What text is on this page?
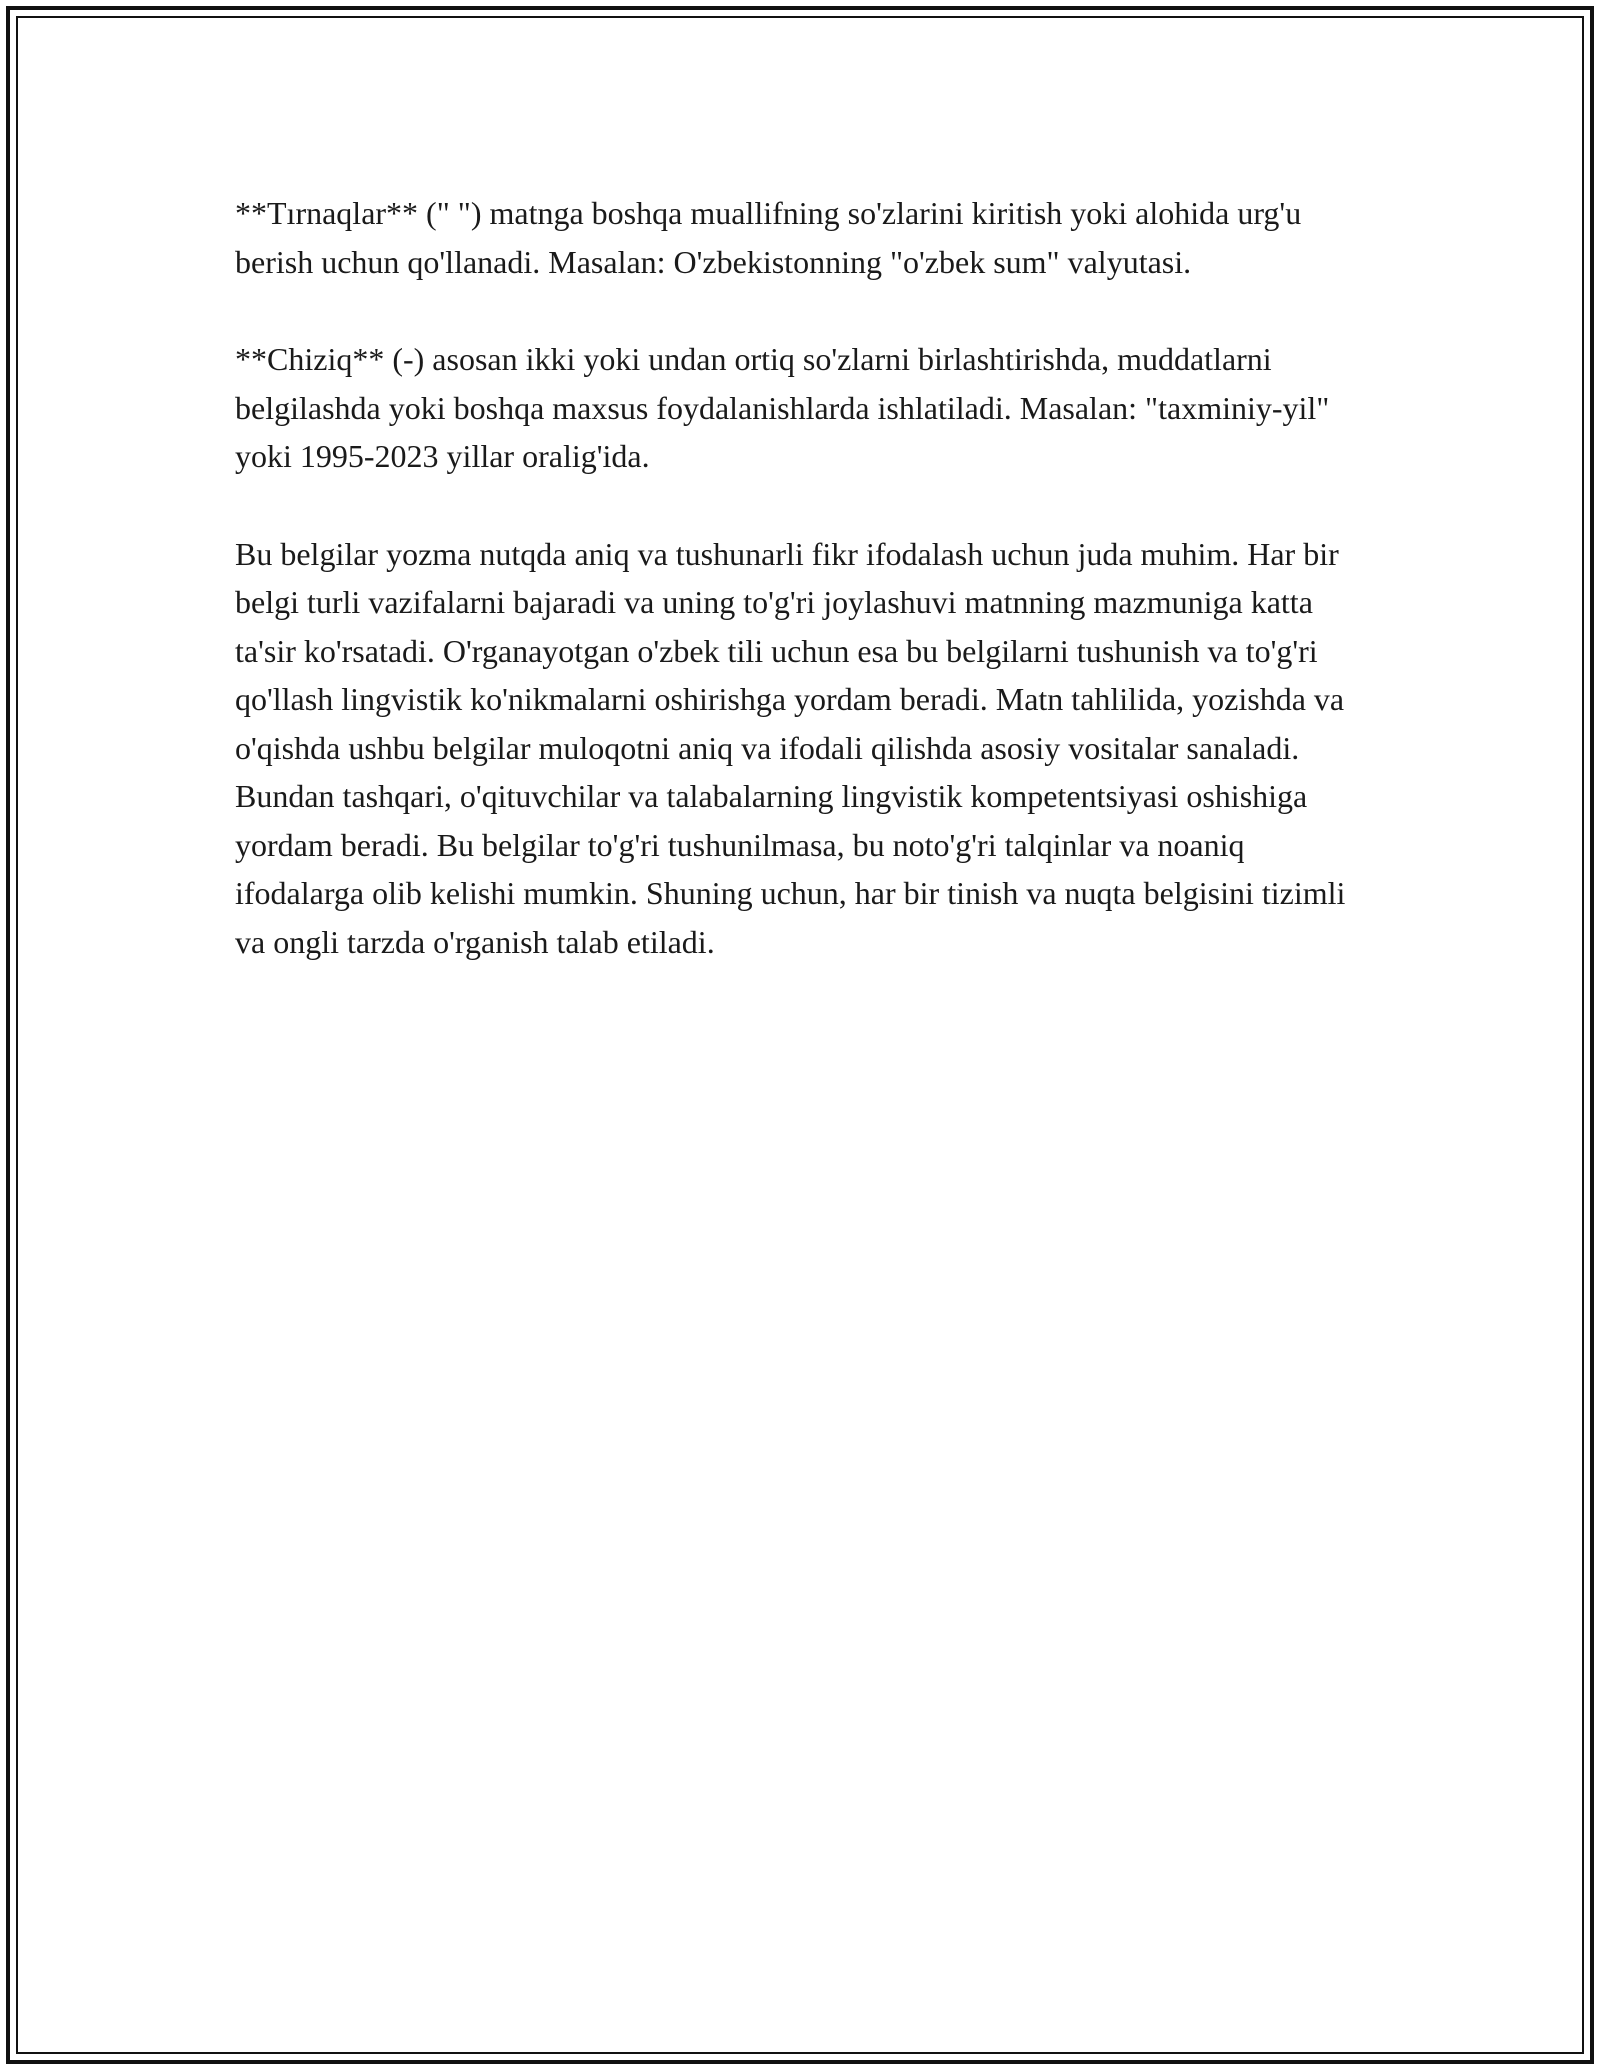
**Tırnaqlar** (" ") matnga boshqa muallifning so'zlarini kiritish yoki alohida urg'u berish uchun qo'llanadi. Masalan: O'zbekistonning "o'zbek sum" valyutasi.

**Chiziq** (-) asosan ikki yoki undan ortiq so'zlarni birlashtirishda, muddatlarni belgilashda yoki boshqa maxsus foydalanishlarda ishlatiladi. Masalan: "taxminiy-yil" yoki 1995-2023 yillar oralig'ida.

Bu belgilar yozma nutqda aniq va tushunarli fikr ifodalash uchun juda muhim. Har bir belgi turli vazifalarni bajaradi va uning to'g'ri joylashuvi matnning mazmuniga katta ta'sir ko'rsatadi. O'rganayotgan o'zbek tili uchun esa bu belgilarni tushunish va to'g'ri qo'llash lingvistik ko'nikmalarni oshirishga yordam beradi. Matn tahlilida, yozishda va o'qishda ushbu belgilar muloqotni aniq va ifodali qilishda asosiy vositalar sanaladi. Bundan tashqari, o'qituvchilar va talabalarning lingvistik kompetentsiyasi oshishiga yordam beradi. Bu belgilar to'g'ri tushunilmasa, bu noto'g'ri talqinlar va noaniq ifodalarga olib kelishi mumkin. Shuning uchun, har bir tinish va nuqta belgisini tizimli va ongli tarzda o'rganish talab etiladi.
